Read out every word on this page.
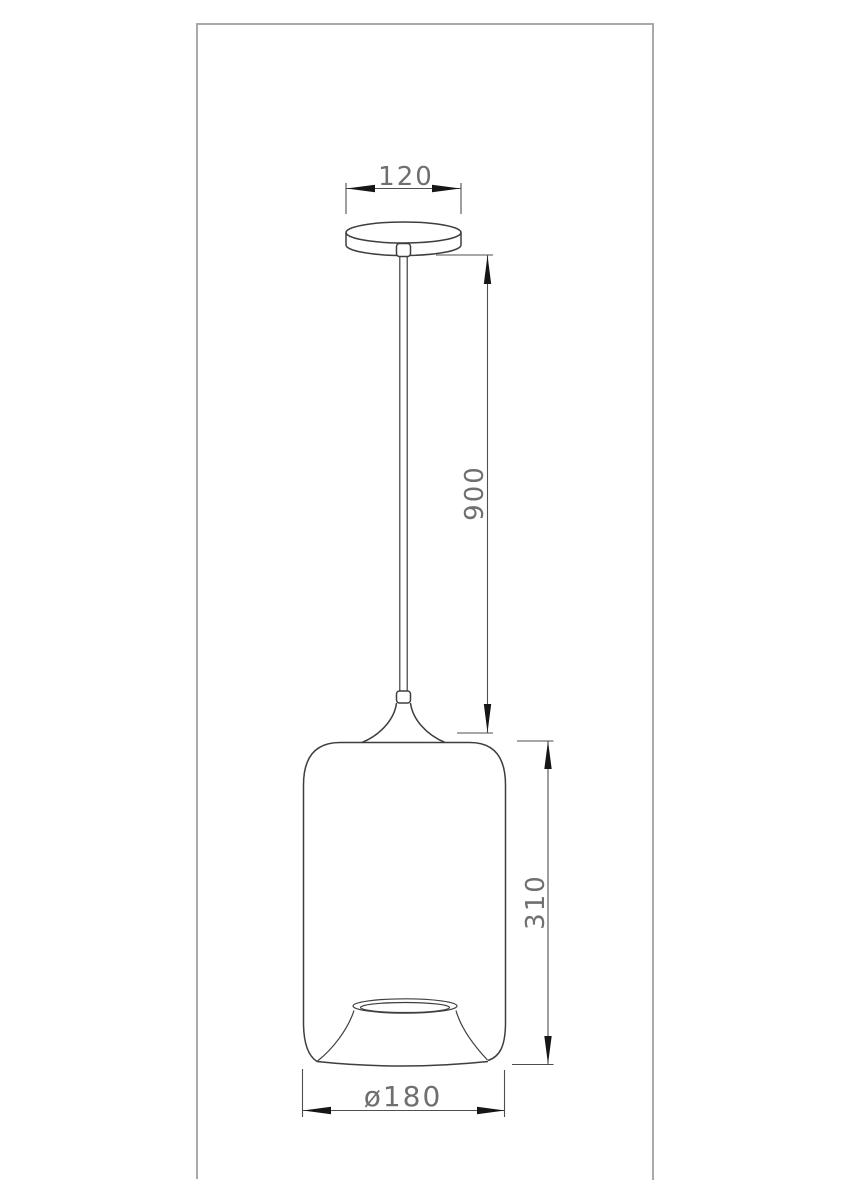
120
900
310
ø180
